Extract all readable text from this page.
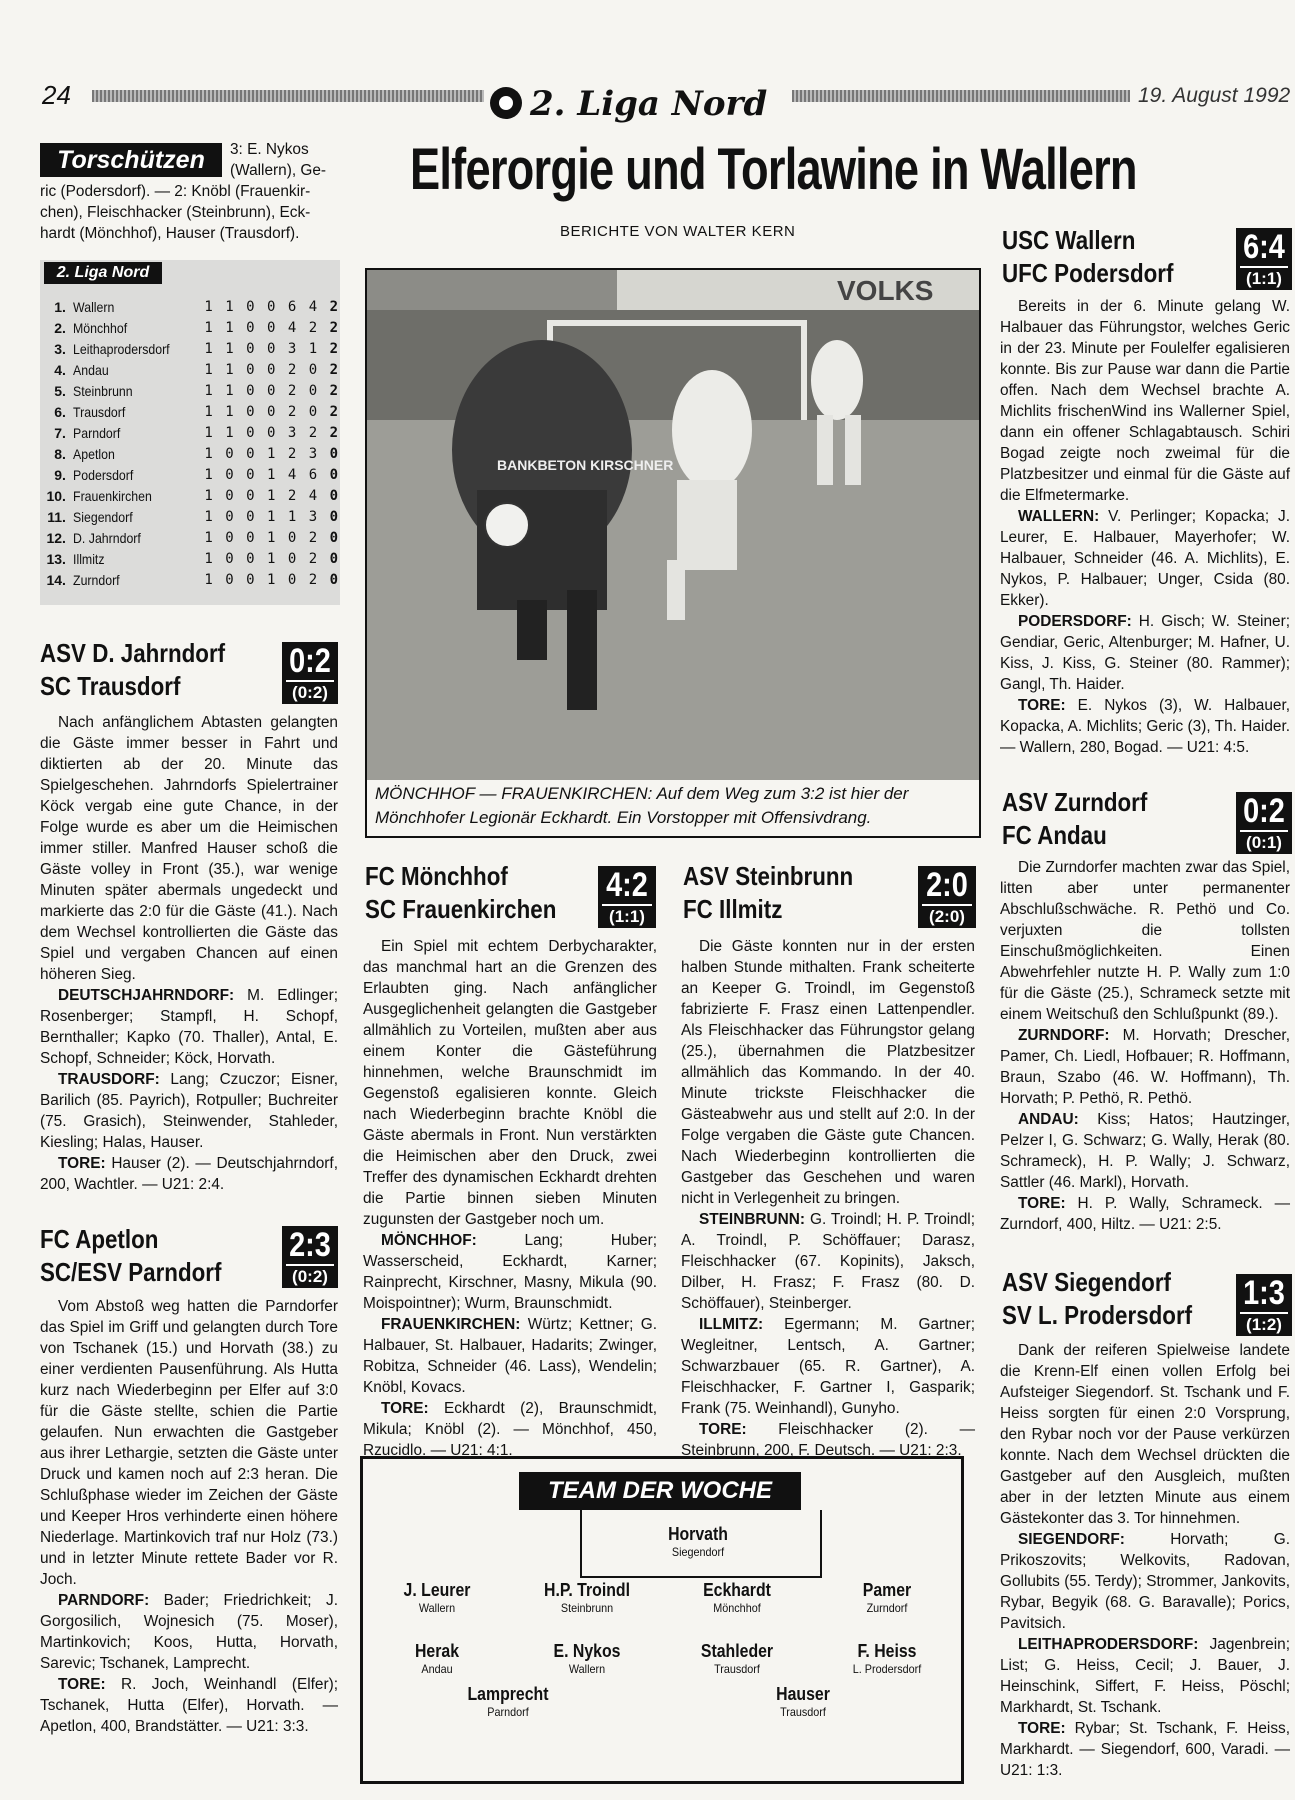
24	2. Liga Nord	19. August 1992
Elferorgie und Torlawine in Wallern
BERICHTE VON WALTER KERN
Torschützen	3: E. Nykos
(Wallern), Ge-
ric (Podersdorf). — 2: Knöbl (Frauenkir-
chen), Fleischhacker (Steinbrunn), Eck-
hardt (Mönchhof), Hauser (Trausdorf).
2. Liga Nord
1. Wallern	1 1 0 0 6 4 2
2. Mönchhof	1 1 0 0 4 2 2
3. Leithaprodersdorf	1 1 0 0 3 1 2
4. Andau	1 1 0 0 2 0 2
5. Steinbrunn	1 1 0 0 2 0 2
6. Trausdorf	1 1 0 0 2 0 2
7. Parndorf	1 1 0 0 3 2 2
8. Apetlon	1 0 0 1 2 3 0
9. Podersdorf	1 0 0 1 4 6 0
10. Frauenkirchen	1 0 0 1 2 4 0
11. Siegendorf	1 0 0 1 1 3 0
12. D. Jahrndorf	1 0 0 1 0 2 0
13. Illmitz	1 0 0 1 0 2 0
14. Zurndorf	1 0 0 1 0 2 0
ASV D. Jahrndorf
SC Trausdorf
0:2
(0:2)

Nach anfänglichem Abtasten gelangten die Gäste immer besser in Fahrt und diktierten ab der 20. Minute das Spielgeschehen. Jahrndorfs Spielertrainer Köck vergab eine gute Chance, in der Folge wurde es aber um die Heimischen immer stiller. Manfred Hauser schoß die Gäste volley in Front (35.), war wenige Minuten später abermals ungedeckt und markierte das 2:0 für die Gäste (41.). Nach dem Wechsel kontrollierten die Gäste das Spiel und vergaben Chancen auf einen höheren Sieg.

DEUTSCHJAHRNDORF: M. Edlinger; Rosenberger; Stampfl, H. Schopf, Bernthaller; Kapko (70. Thaller), Antal, E. Schopf, Schneider; Köck, Horvath.

TRAUSDORF: Lang; Czuczor; Eisner, Barilich (85. Payrich), Rotpuller; Buchreiter (75. Grasich), Steinwender, Stahleder, Kiesling; Halas, Hauser.

TORE: Hauser (2). — Deutschjahrndorf, 200, Wachtler. — U21: 2:4.

FC Apetlon
SC/ESV Parndorf
2:3
(0:2)

Vom Abstoß weg hatten die Parndorfer das Spiel im Griff und gelangten durch Tore von Tschanek (15.) und Horvath (38.) zu einer verdienten Pausenführung. Als Hutta kurz nach Wiederbeginn per Elfer auf 3:0 für die Gäste stellte, schien die Partie gelaufen. Nun erwachten die Gastgeber aus ihrer Lethargie, setzten die Gäste unter Druck und kamen noch auf 2:3 heran. Die Schlußphase wieder im Zeichen der Gäste und Keeper Hros verhinderte einen höhere Niederlage. Martinkovich traf nur Holz (73.) und in letzter Minute rettete Bader vor R. Joch.

PARNDORF: Bader; Friedrichkeit; J. Gorgosilich, Wojnesich (75. Moser), Martinkovich; Koos, Hutta, Horvath, Sarevic; Tschanek, Lamprecht.

TORE: R. Joch, Weinhandl (Elfer); Tschanek, Hutta (Elfer), Horvath. — Apetlon, 400, Brandstätter. — U21: 3:3.

VOLKS
BANKBETON KIRSCHNER
MÖNCHHOF — FRAUENKIRCHEN: Auf dem Weg zum 3:2 ist hier der Mönchhofer Legionär Eckhardt. Ein Vorstopper mit Offensivdrang.
FC Mönchhof
SC Frauenkirchen
4:2
(1:1)

Ein Spiel mit echtem Derbycharakter, das manchmal hart an die Grenzen des Erlaubten ging. Nach anfänglicher Ausgeglichenheit gelangten die Gastgeber allmählich zu Vorteilen, mußten aber aus einem Konter die Gästeführung hinnehmen, welche Braunschmidt im Gegenstoß egalisieren konnte. Gleich nach Wiederbeginn brachte Knöbl die Gäste abermals in Front. Nun verstärkten die Heimischen aber den Druck, zwei Treffer des dynamischen Eckhardt drehten die Partie binnen sieben Minuten zugunsten der Gastgeber noch um.

MÖNCHHOF:	Lang; Huber; Wasserscheid, Eckhardt, Karner; Rainprecht, Kirschner, Masny, Mikula (90. Moispointner); Wurm, Braunschmidt.

FRAUENKIRCHEN: Würtz; Kettner; G. Halbauer, St. Halbauer, Hadarits; Zwinger, Robitza, Schneider (46. Lass), Wendelin; Knöbl, Kovacs.

TORE: Eckhardt (2), Braunschmidt, Mikula; Knöbl (2). — Mönchhof, 450, Rzucidlo. — U21: 4:1.

ASV Steinbrunn
FC Illmitz
2:0
(2:0)

Die Gäste konnten nur in der ersten halben Stunde mithalten. Frank scheiterte an Keeper G. Troindl, im Gegenstoß fabrizierte F. Frasz einen Lattenpendler. Als Fleischhacker das Führungstor gelang (25.), übernahmen die Platzbesitzer allmählich das Kommando. In der 40. Minute trickste Fleischhacker die Gästeabwehr aus und stellt auf 2:0. In der Folge vergaben die Gäste gute Chancen. Nach Wiederbeginn kontrollierten die Gastgeber das Geschehen und waren nicht in Verlegenheit zu bringen.

STEINBRUNN: G. Troindl; H. P. Troindl; A. Troindl, P. Schöffauer; Darasz, Fleischhacker (67. Kopinits), Jaksch, Dilber, H. Frasz; F. Frasz (80. D. Schöffauer), Steinberger.

ILLMITZ: Egermann; M. Gartner; Wegleitner, Lentsch, A. Gartner; Schwarzbauer (65. R. Gartner), A. Fleischhacker, F. Gartner I, Gasparik; Frank (75. Weinhandl), Gunyho.

TORE: Fleischhacker (2). — Steinbrunn, 200, F. Deutsch. — U21: 2:3.

TEAM DER WOCHE
Horvath
Siegendorf
J. Leurer
Wallern
H.P. Troindl
Steinbrunn
Eckhardt
Mönchhof
Pamer
Zurndorf
Herak
Andau
E. Nykos
Wallern
Stahleder
Trausdorf
F. Heiss
L. Prodersdorf
Lamprecht
Parndorf
Hauser
Trausdorf
USC Wallern
UFC Podersdorf
6:4
(1:1)

Bereits in der 6. Minute gelang W. Halbauer das Führungstor, welches Geric in der 23. Minute per Foulelfer egalisieren konnte. Bis zur Pause war dann die Partie offen. Nach dem Wechsel brachte A. Michlits frischenWind ins Wallerner Spiel, dann ein offener Schlagabtausch. Schiri Bogad zeigte noch zweimal für die Platzbesitzer und einmal für die Gäste auf die Elfmetermarke.

WALLERN: V. Perlinger; Kopacka; J. Leurer, E. Halbauer, Mayerhofer; W. Halbauer, Schneider (46. A. Michlits), E. Nykos, P. Halbauer; Unger, Csida (80. Ekker).

PODERSDORF: H. Gisch; W. Steiner; Gendiar, Geric, Altenburger; M. Hafner, U. Kiss, J. Kiss, G. Steiner (80. Rammer); Gangl, Th. Haider.

TORE: E. Nykos (3), W. Halbauer, Kopacka, A. Michlits; Geric (3), Th. Haider. — Wallern, 280, Bogad. — U21: 4:5.

ASV Zurndorf
FC Andau
0:2
(0:1)

Die Zurndorfer machten zwar das Spiel, litten aber unter permanenter Abschlußschwäche. R. Pethö und Co. verjuxten die tollsten Einschußmöglichkeiten. Einen Abwehrfehler nutzte H. P. Wally zum 1:0 für die Gäste (25.), Schrameck setzte mit einem Weitschuß den Schlußpunkt (89.).

ZURNDORF: M. Horvath; Drescher, Pamer, Ch. Liedl, Hofbauer; R. Hoffmann, Braun, Szabo (46. W. Hoffmann), Th. Horvath; P. Pethö, R. Pethö.

ANDAU: Kiss; Hatos; Hautzinger, Pelzer I, G. Schwarz; G. Wally, Herak (80. Schrameck), H. P. Wally; J. Schwarz, Sattler (46. Markl), Horvath.

TORE: H. P. Wally, Schrameck. — Zurndorf, 400, Hiltz. — U21: 2:5.

ASV Siegendorf
SV L. Prodersdorf
1:3
(1:2)

Dank der reiferen Spielweise landete die Krenn-Elf einen vollen Erfolg bei Aufsteiger Siegendorf. St. Tschank und F. Heiss sorgten für einen 2:0 Vorsprung, den Rybar noch vor der Pause verkürzen konnte. Nach dem Wechsel drückten die Gastgeber auf den Ausgleich, mußten aber in der letzten Minute aus einem Gästekonter das 3. Tor hinnehmen.

SIEGENDORF:	Horvath; G. Prikoszovits; Welkovits, Radovan, Gollubits (55. Terdy); Strommer, Jankovits, Rybar, Begyik (68. G. Baravalle); Porics, Pavitsich.

LEITHAPRODERSDORF: Jagenbrein; List; G. Heiss, Cecil; J. Bauer, J. Heinschink, Siffert, F. Heiss, Pöschl; Markhardt, St. Tschank.

TORE: Rybar; St. Tschank, F. Heiss, Markhardt. — Siegendorf, 600, Varadi. — U21: 1:3.
